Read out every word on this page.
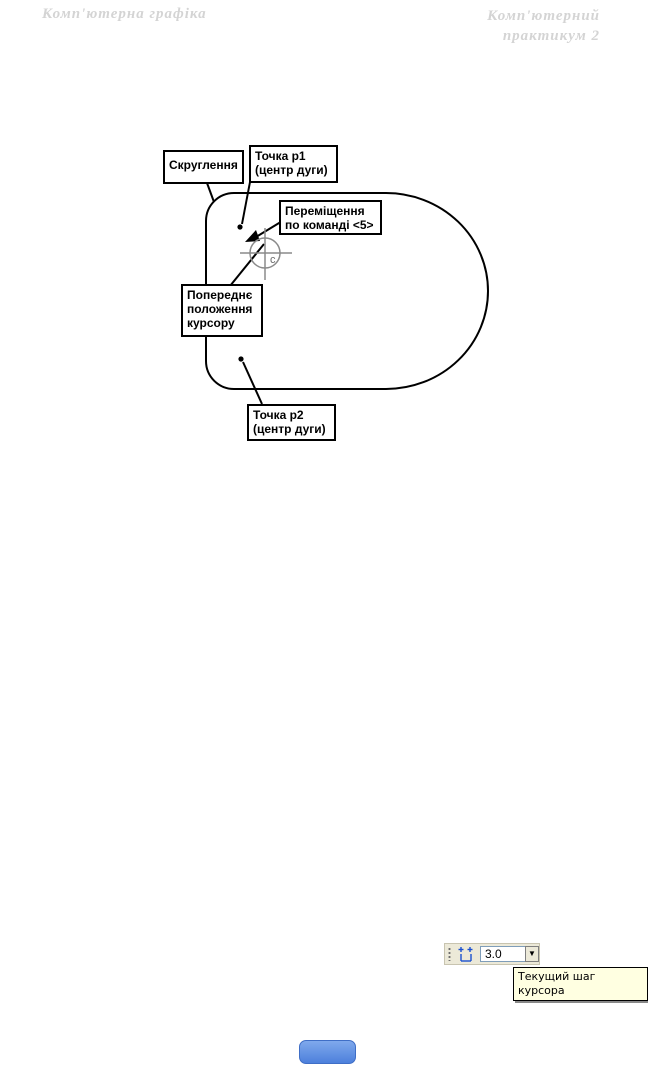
Комп'ютерна графіка	Комп'ютерний
практикум 2
c
Скруглення
Точка p1
(центр дуги)
Переміщення
по команді <5>
Попереднє
положення
курсору
Точка p2
(центр дуги)
3.0	▼
Текущий шаг курсора
